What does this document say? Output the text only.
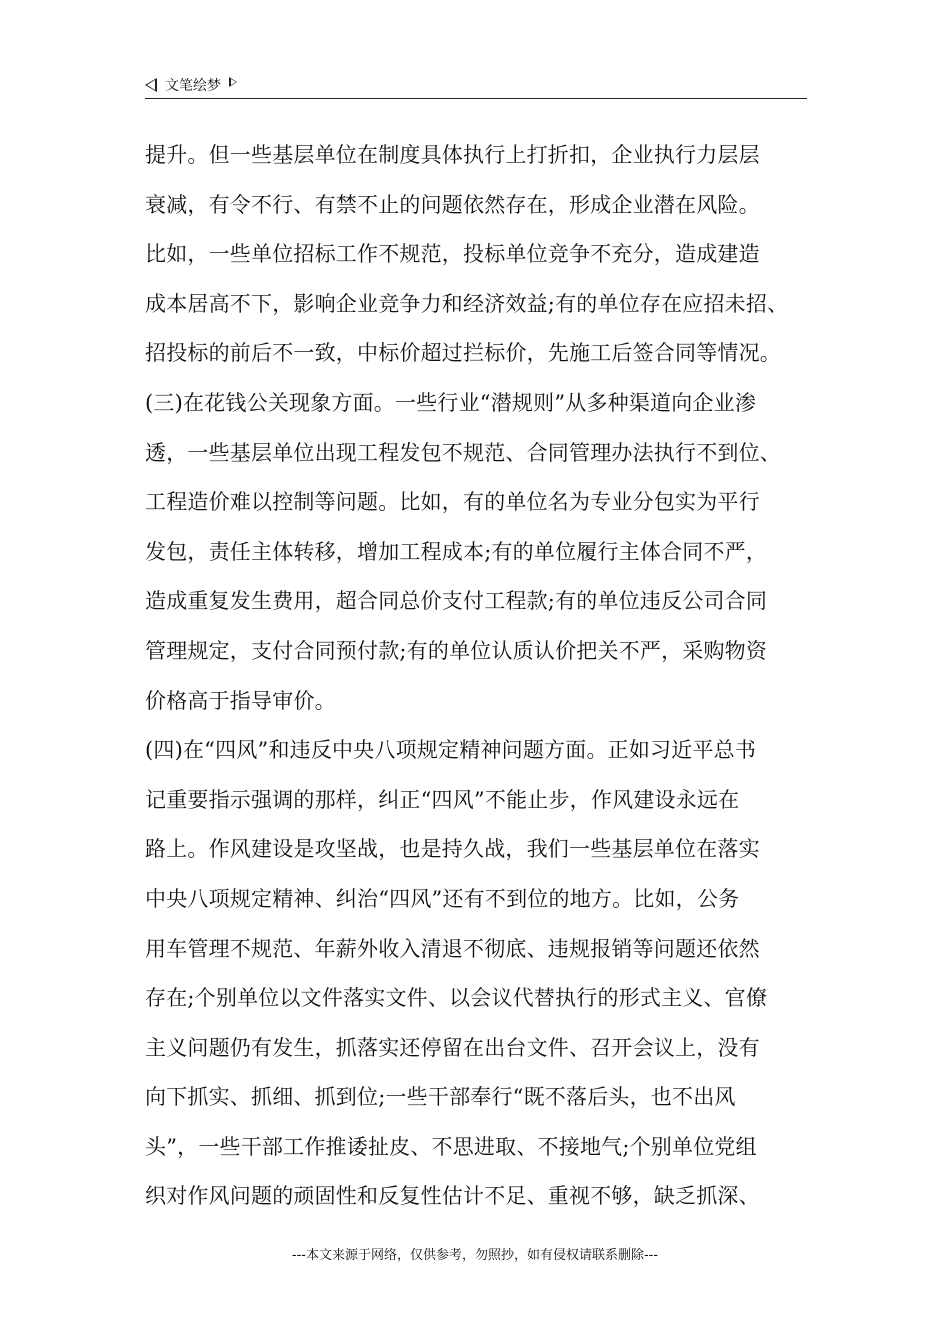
文笔绘梦
提升。但一些基层单位在制度具体执行上打折扣，企业执行力层层
衰减，有令不行、有禁不止的问题依然存在，形成企业潜在风险。
比如，一些单位招标工作不规范，投标单位竞争不充分，造成建造
成本居高不下，影响企业竞争力和经济效益;有的单位存在应招未招、
招投标的前后不一致，中标价超过拦标价，先施工后签合同等情况。
(三)在花钱公关现象方面。一些行业“潜规则”从多种渠道向企业渗
透，一些基层单位出现工程发包不规范、合同管理办法执行不到位、
工程造价难以控制等问题。比如，有的单位名为专业分包实为平行
发包，责任主体转移，增加工程成本;有的单位履行主体合同不严，
造成重复发生费用，超合同总价支付工程款;有的单位违反公司合同
管理规定，支付合同预付款;有的单位认质认价把关不严，采购物资
价格高于指导审价。
(四)在“四风”和违反中央八项规定精神问题方面。正如习近平总书
记重要指示强调的那样，纠正“四风”不能止步，作风建设永远在
路上。作风建设是攻坚战，也是持久战，我们一些基层单位在落实
中央八项规定精神、纠治“四风”还有不到位的地方。比如，公务
用车管理不规范、年薪外收入清退不彻底、违规报销等问题还依然
存在;个别单位以文件落实文件、以会议代替执行的形式主义、官僚
主义问题仍有发生，抓落实还停留在出台文件、召开会议上，没有
向下抓实、抓细、抓到位;一些干部奉行“既不落后头，也不出风
头”，一些干部工作推诿扯皮、不思进取、不接地气;个别单位党组
织对作风问题的顽固性和反复性估计不足、重视不够，缺乏抓深、
---本文来源于网络，仅供参考，勿照抄，如有侵权请联系删除---
